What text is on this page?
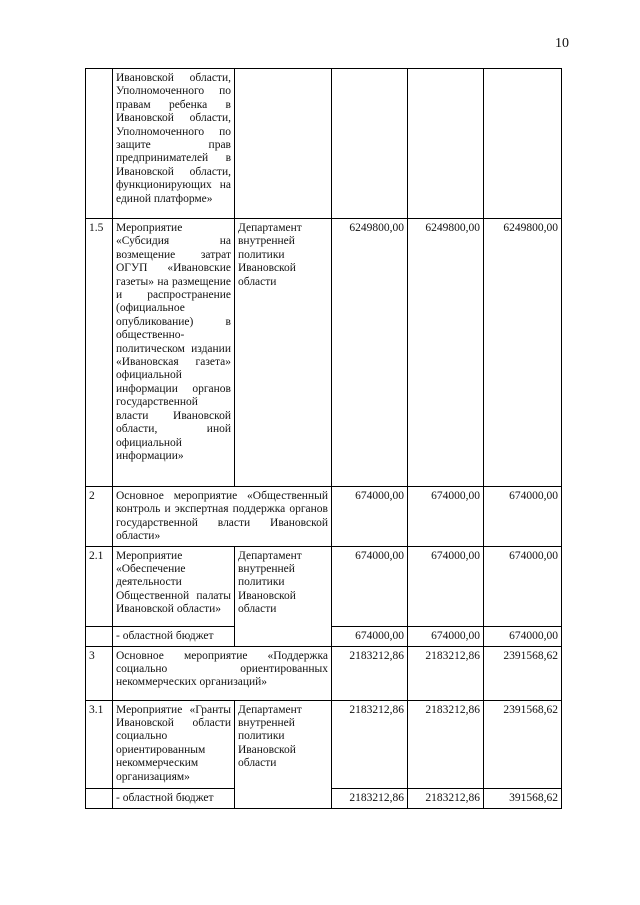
10
	Ивановской области, Уполномоченного по правам ребенка в Ивановской области, Уполномоченного по защите прав предпринимателей в Ивановской области, функционирующих на единой платформе»				
1.5	Мероприятие «Субсидия на возмещение затрат ОГУП «Ивановские газеты» на размещение и распространение (официальное опубликование) в общественно-политическом издании «Ивановская газета» официальной информации органов государственной власти Ивановской области, иной официальной информации»	Департамент внутренней политики Ивановской области	6249800,00	6249800,00	6249800,00
2	Основное мероприятие «Общественный контроль и экспертная поддержка органов государственной власти Ивановской области»		674000,00	674000,00	674000,00
2.1	Мероприятие «Обеспечение деятельности Общественной палаты Ивановской области»	Департамент внутренней политики Ивановской области	674000,00	674000,00	674000,00
	- областной бюджет		674000,00	674000,00	674000,00
3	Основное мероприятие «Поддержка социально ориентированных некоммерческих организаций»		2183212,86	2183212,86	2391568,62
3.1	Мероприятие «Гранты Ивановской области социально ориентированным некоммерческим организациям»	Департамент внутренней политики Ивановской области	2183212,86	2183212,86	2391568,62
	- областной бюджет		2183212,86	2183212,86	391568,62
